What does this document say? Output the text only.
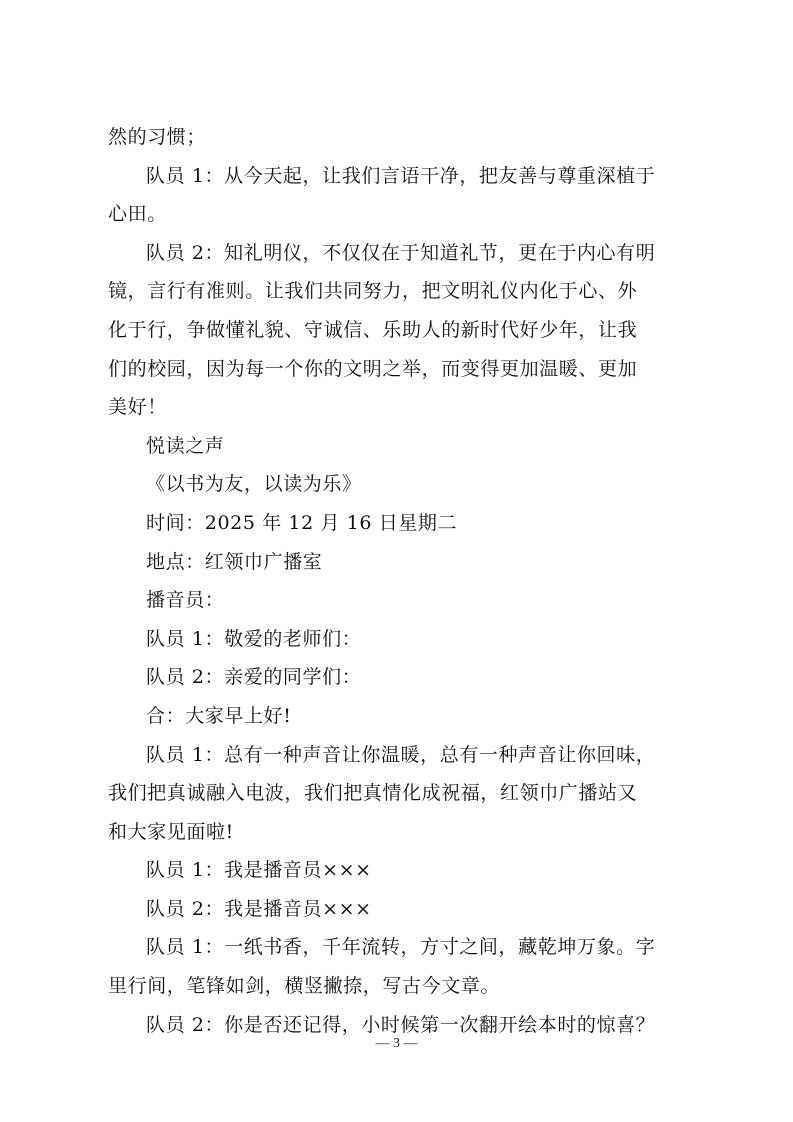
然的习惯；
队员 1：从今天起，让我们言语干净，把友善与尊重深植于
心田。
队员 2：知礼明仪，不仅仅在于知道礼节，更在于内心有明
镜，言行有准则。让我们共同努力，把文明礼仪内化于心、外
化于行，争做懂礼貌、守诚信、乐助人的新时代好少年，让我
们的校园，因为每一个你的文明之举，而变得更加温暖、更加
美好！
悦读之声
《以书为友，以读为乐》
时间：2025 年 12 月 16 日星期二
地点：红领巾广播室
播音员：
队员 1：敬爱的老师们：
队员 2：亲爱的同学们：
合：大家早上好!
队员 1：总有一种声音让你温暖，总有一种声音让你回味，
我们把真诚融入电波，我们把真情化成祝福，红领巾广播站又
和大家见面啦!
队员 1：我是播音员×××
队员 2：我是播音员×××
队员 1：一纸书香，千年流转，方寸之间，藏乾坤万象。字
里行间，笔锋如剑，横竖撇捺，写古今文章。
队员 2：你是否还记得，小时候第一次翻开绘本时的惊喜？
— 3 —
